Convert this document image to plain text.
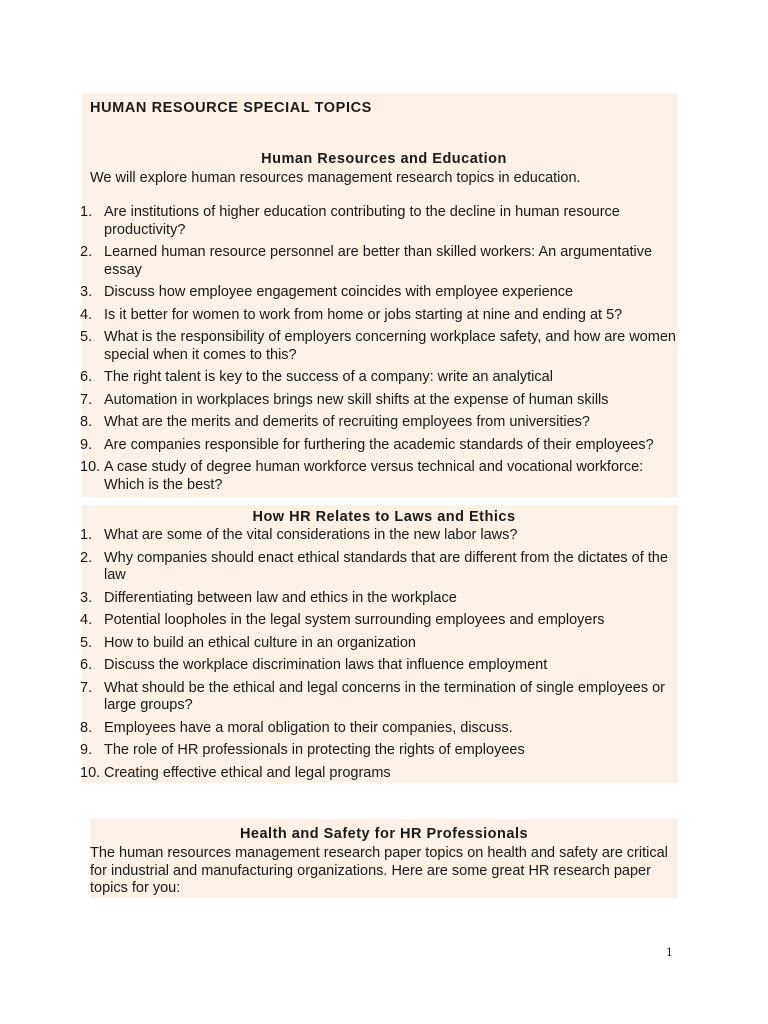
HUMAN RESOURCE SPECIAL TOPICS
Human Resources and Education
We will explore human resources management research topics in education.
1. Are institutions of higher education contributing to the decline in human resource productivity?
2. Learned human resource personnel are better than skilled workers: An argumentative essay
3. Discuss how employee engagement coincides with employee experience
4. Is it better for women to work from home or jobs starting at nine and ending at 5?
5. What is the responsibility of employers concerning workplace safety, and how are women special when it comes to this?
6. The right talent is key to the success of a company: write an analytical
7. Automation in workplaces brings new skill shifts at the expense of human skills
8. What are the merits and demerits of recruiting employees from universities?
9. Are companies responsible for furthering the academic standards of their employees?
10. A case study of degree human workforce versus technical and vocational workforce: Which is the best?
How HR Relates to Laws and Ethics
1. What are some of the vital considerations in the new labor laws?
2. Why companies should enact ethical standards that are different from the dictates of the law
3. Differentiating between law and ethics in the workplace
4. Potential loopholes in the legal system surrounding employees and employers
5. How to build an ethical culture in an organization
6. Discuss the workplace discrimination laws that influence employment
7. What should be the ethical and legal concerns in the termination of single employees or large groups?
8. Employees have a moral obligation to their companies, discuss.
9. The role of HR professionals in protecting the rights of employees
10. Creating effective ethical and legal programs
Health and Safety for HR Professionals
The human resources management research paper topics on health and safety are critical for industrial and manufacturing organizations. Here are some great HR research paper topics for you:
1
